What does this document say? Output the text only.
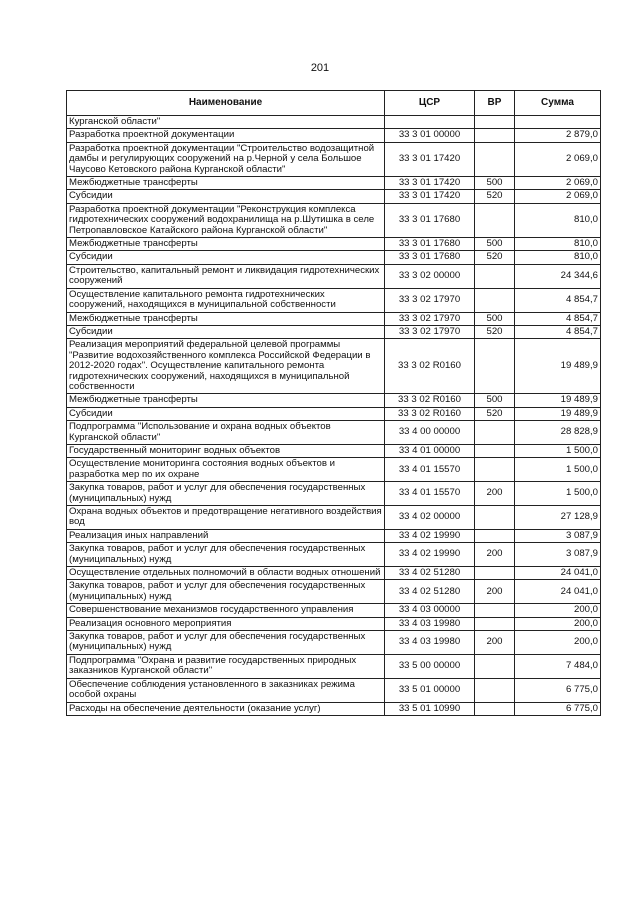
201
Наименование	ЦСР	ВР	Сумма
Курганской области"			
Разработка проектной документации	33 3 01 00000		2 879,0
Разработка проектной документации "Строительство водозащитной дамбы и регулирующих сооружений на р.Черной у села Большое Чаусово Кетовского района Курганской области"	33 3 01 17420		2 069,0
Межбюджетные трансферты	33 3 01 17420	500	2 069,0
Субсидии	33 3 01 17420	520	2 069,0
Разработка проектной документации "Реконструкция комплекса гидротехнических сооружений водохранилища на р.Шутишка в селе Петропавловское Катайского района Курганской области"	33 3 01 17680		810,0
Межбюджетные трансферты	33 3 01 17680	500	810,0
Субсидии	33 3 01 17680	520	810,0
Строительство, капитальный ремонт и ликвидация гидротехнических сооружений	33 3 02 00000		24 344,6
Осуществление капитального ремонта гидротехнических сооружений, находящихся в муниципальной собственности	33 3 02 17970		4 854,7
Межбюджетные трансферты	33 3 02 17970	500	4 854,7
Субсидии	33 3 02 17970	520	4 854,7
Реализация мероприятий федеральной целевой программы "Развитие водохозяйственного комплекса Российской Федерации в 2012-2020 годах". Осуществление капитального ремонта гидротехнических сооружений, находящихся в муниципальной собственности	33 3 02 R0160		19 489,9
Межбюджетные трансферты	33 3 02 R0160	500	19 489,9
Субсидии	33 3 02 R0160	520	19 489,9
Подпрограмма "Использование и охрана водных объектов Курганской области"	33 4 00 00000		28 828,9
Государственный мониторинг водных объектов	33 4 01 00000		1 500,0
Осуществление мониторинга состояния водных объектов и разработка мер по их охране	33 4 01 15570		1 500,0
Закупка товаров, работ и услуг для обеспечения государственных (муниципальных) нужд	33 4 01 15570	200	1 500,0
Охрана водных объектов и предотвращение негативного воздействия вод	33 4 02 00000		27 128,9
Реализация иных направлений	33 4 02 19990		3 087,9
Закупка товаров, работ и услуг для обеспечения государственных (муниципальных) нужд	33 4 02 19990	200	3 087,9
Осуществление отдельных полномочий в области водных отношений	33 4 02 51280		24 041,0
Закупка товаров, работ и услуг для обеспечения государственных (муниципальных) нужд	33 4 02 51280	200	24 041,0
Совершенствование механизмов государственного управления	33 4 03 00000		200,0
Реализация основного мероприятия	33 4 03 19980		200,0
Закупка товаров, работ и услуг для обеспечения государственных (муниципальных) нужд	33 4 03 19980	200	200,0
Подпрограмма "Охрана и развитие государственных природных заказников Курганской области"	33 5 00 00000		7 484,0
Обеспечение соблюдения установленного в заказниках режима особой охраны	33 5 01 00000		6 775,0
Расходы на обеспечение деятельности (оказание услуг)	33 5 01 10990		6 775,0
